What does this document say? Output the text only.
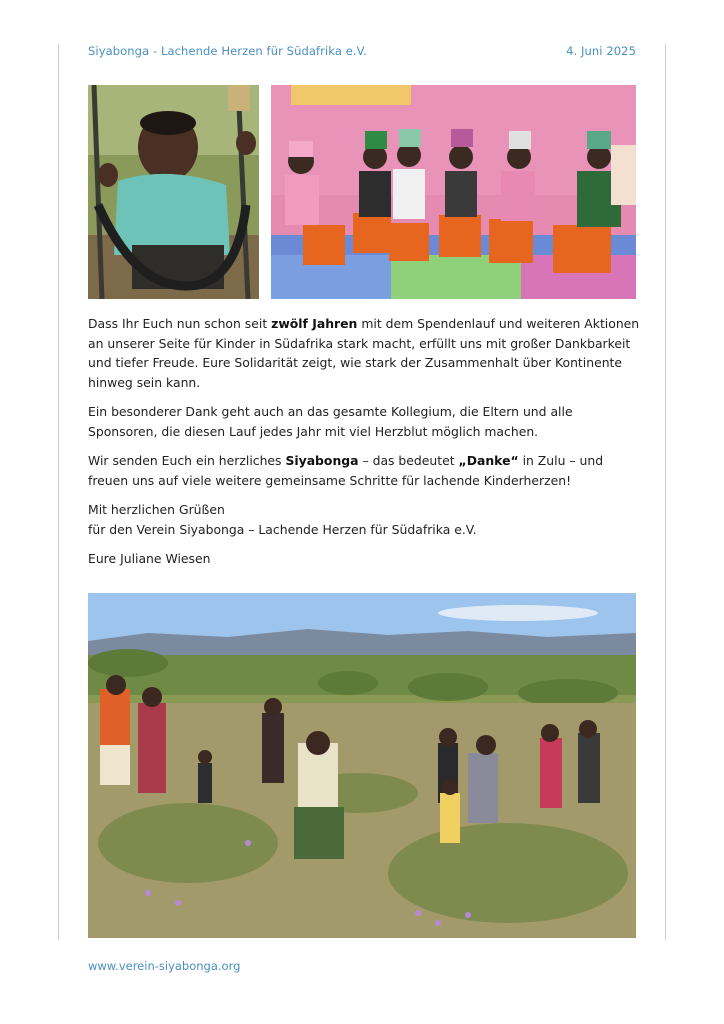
Siyabonga - Lachende Herzen für Südafrika e.V.	4. Juni 2025

Dass Ihr Euch nun schon seit zwölf Jahren mit dem Spendenlauf und weiteren Aktionen an unserer Seite für Kinder in Südafrika stark macht, erfüllt uns mit großer Dankbarkeit und tiefer Freude. Eure Solidarität zeigt, wie stark der Zusammenhalt über Kontinente hinweg sein kann.

Ein besonderer Dank geht auch an das gesamte Kollegium, die Eltern und alle Sponsoren, die diesen Lauf jedes Jahr mit viel Herzblut möglich machen.

Wir senden Euch ein herzliches Siyabonga – das bedeutet „Danke“ in Zulu – und freuen uns auf viele weitere gemeinsame Schritte für lachende Kinderherzen!

Mit herzlichen Grüßen
für den Verein Siyabonga – Lachende Herzen für Südafrika e.V.

Eure Juliane Wiesen

www.verein-siyabonga.org
